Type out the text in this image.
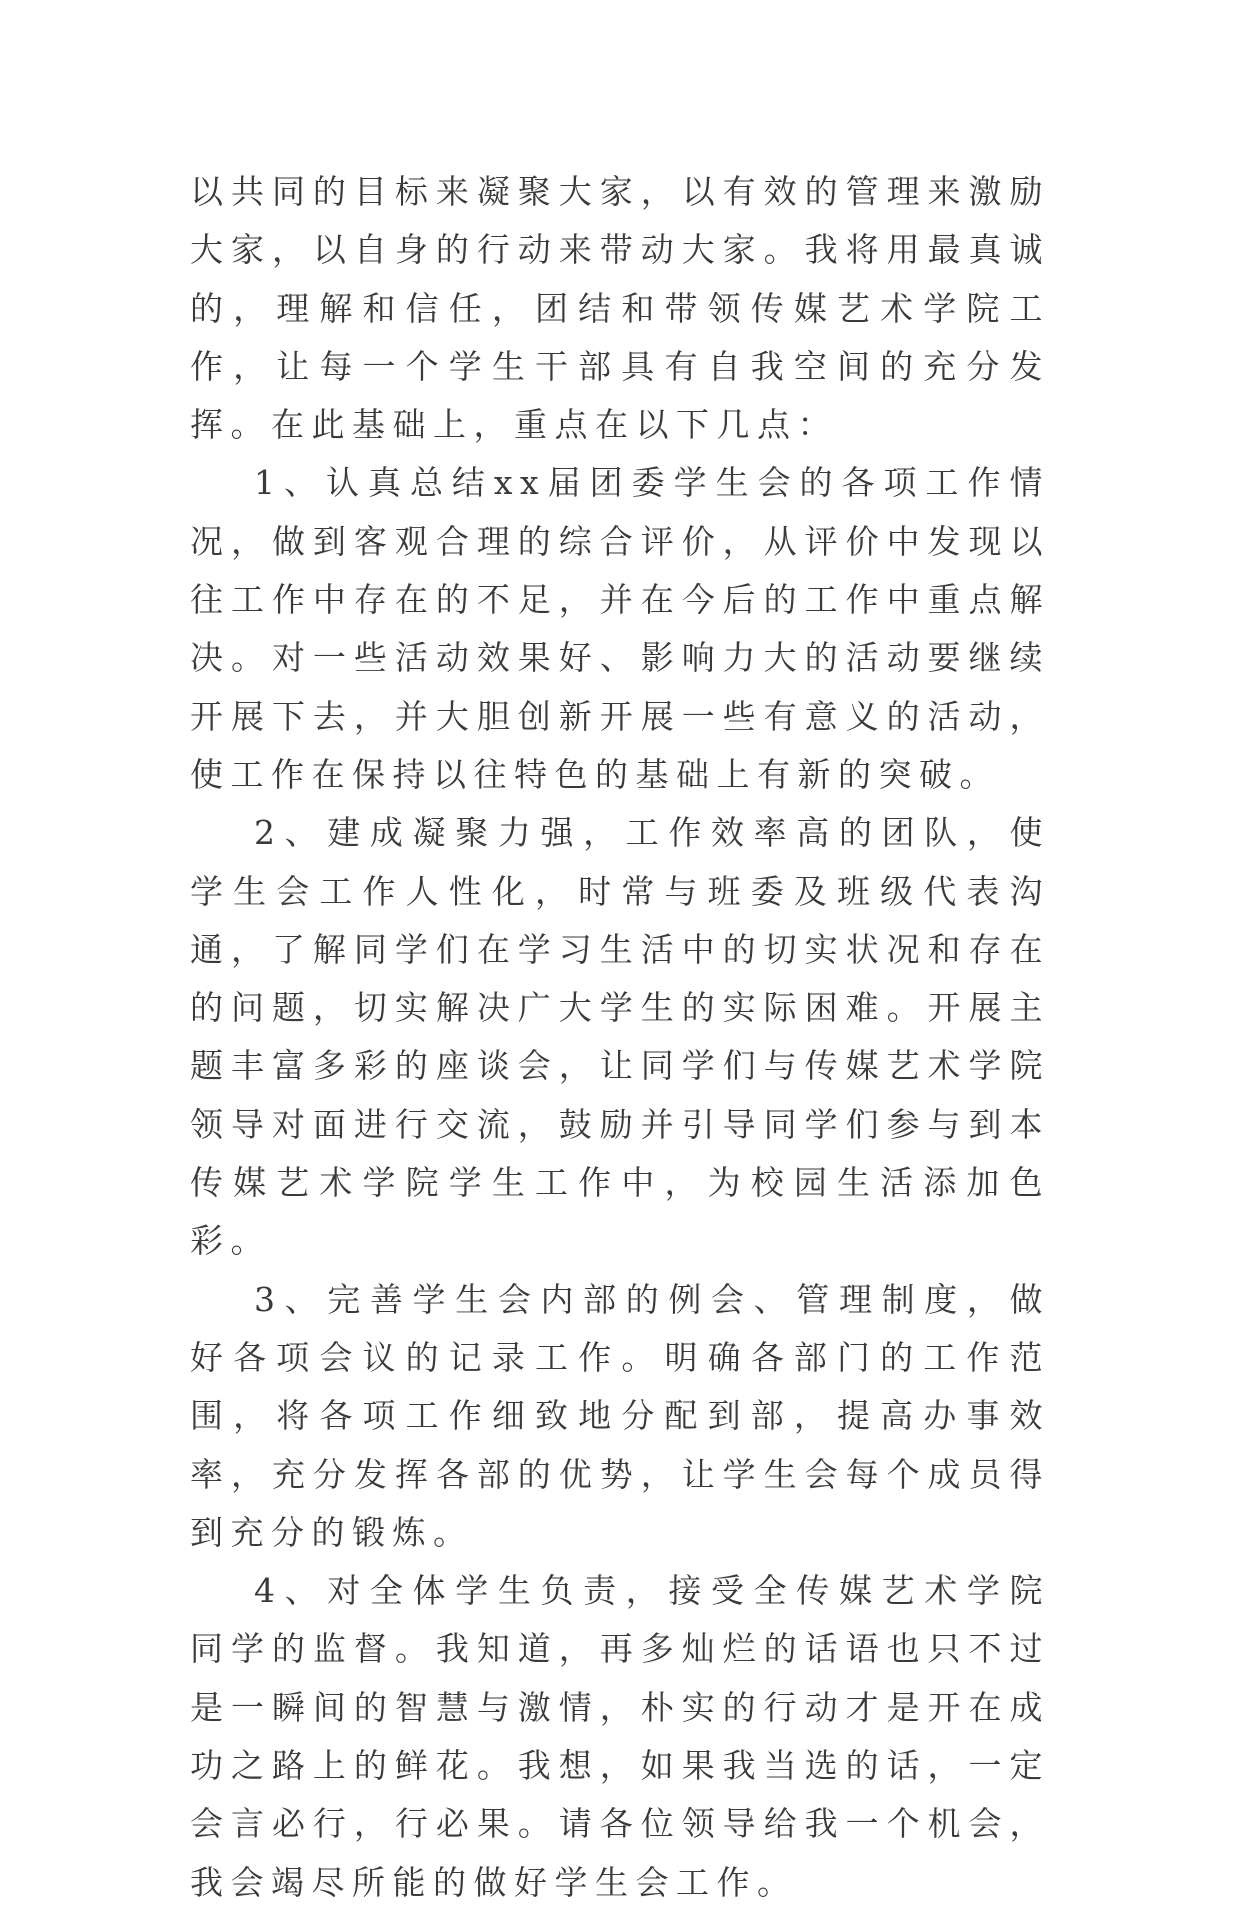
以共同的目标来凝聚大家，以有效的管理来激励大家，以自身的行动来带动大家。我将用最真诚的，理解和信任，团结和带领传媒艺术学院工作，让每一个学生干部具有自我空间的充分发挥。在此基础上，重点在以下几点：

1、认真总结xx届团委学生会的各项工作情况，做到客观合理的综合评价，从评价中发现以往工作中存在的不足，并在今后的工作中重点解决。对一些活动效果好、影响力大的活动要继续开展下去，并大胆创新开展一些有意义的活动，使工作在保持以往特色的基础上有新的突破。

2、建成凝聚力强，工作效率高的团队，使学生会工作人性化，时常与班委及班级代表沟通，了解同学们在学习生活中的切实状况和存在的问题，切实解决广大学生的实际困难。开展主题丰富多彩的座谈会，让同学们与传媒艺术学院领导对面进行交流，鼓励并引导同学们参与到本传媒艺术学院学生工作中，为校园生活添加色彩。

3、完善学生会内部的例会、管理制度，做好各项会议的记录工作。明确各部门的工作范围，将各项工作细致地分配到部，提高办事效率，充分发挥各部的优势，让学生会每个成员得到充分的锻炼。

4、对全体学生负责，接受全传媒艺术学院同学的监督。我知道，再多灿烂的话语也只不过是一瞬间的智慧与激情，朴实的行动才是开在成功之路上的鲜花。我想，如果我当选的话，一定会言必行，行必果。请各位领导给我一个机会，我会竭尽所能的做好学生会工作。
